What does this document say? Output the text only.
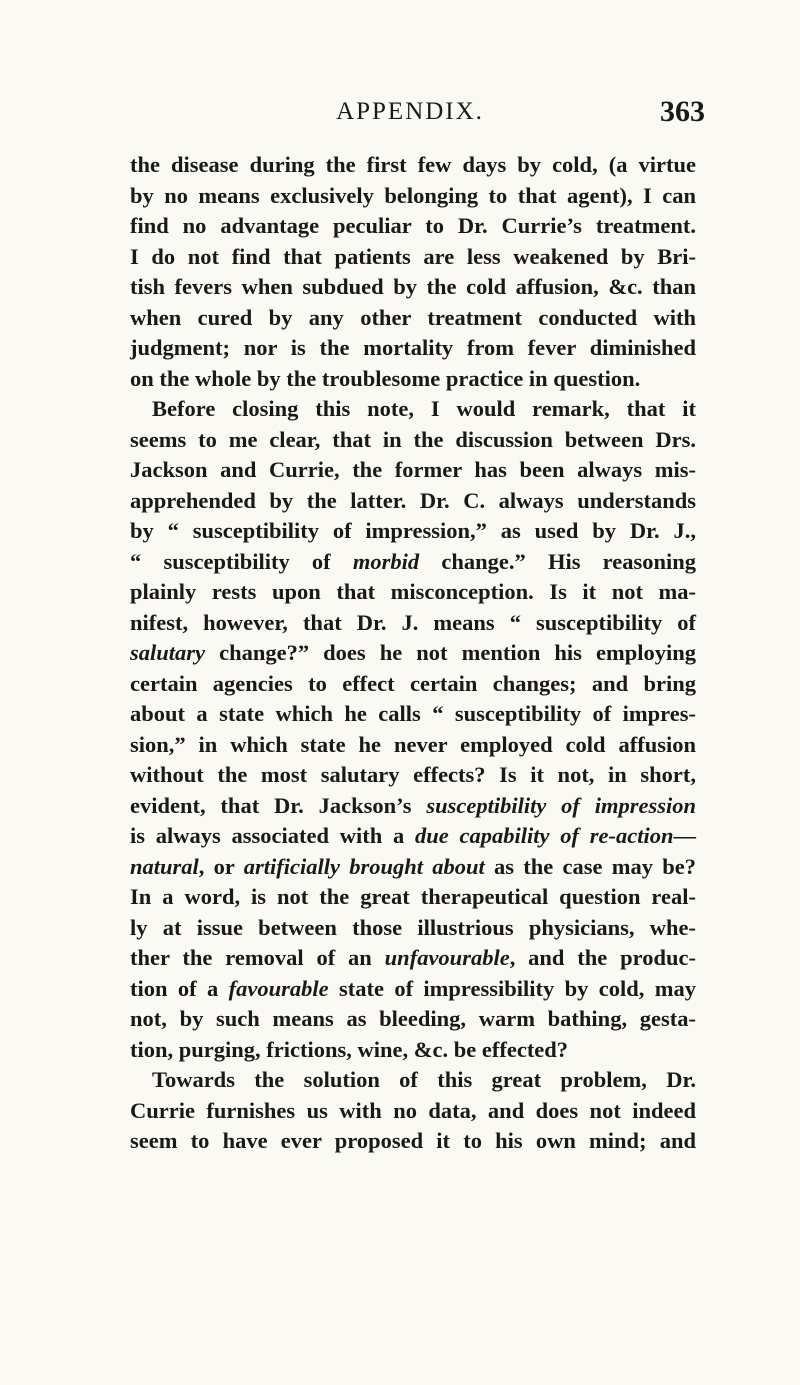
APPENDIX.	363
the disease during the first few days by cold, (a virtue
by no means exclusively belonging to that agent), I can
find no advantage peculiar to Dr. Currie’s treatment.
I do not find that patients are less weakened by Bri-
tish fevers when subdued by the cold affusion, &c. than
when cured by any other treatment conducted with
judgment; nor is the mortality from fever diminished
on the whole by the troublesome practice in question.
Before closing this note, I would remark, that it
seems to me clear, that in the discussion between Drs.
Jackson and Currie, the former has been always mis-
apprehended by the latter. Dr. C. always understands
by “ susceptibility of impression,” as used by Dr. J.,
“ susceptibility of morbid change.” His reasoning
plainly rests upon that misconception. Is it not ma-
nifest, however, that Dr. J. means “ susceptibility of
salutary change?” does he not mention his employing
certain agencies to effect certain changes; and bring
about a state which he calls “ susceptibility of impres-
sion,” in which state he never employed cold affusion
without the most salutary effects? Is it not, in short,
evident, that Dr. Jackson’s susceptibility of impression
is always associated with a due capability of re-action—
natural, or artificially brought about as the case may be?
In a word, is not the great therapeutical question real-
ly at issue between those illustrious physicians, whe-
ther the removal of an unfavourable, and the produc-
tion of a favourable state of impressibility by cold, may
not, by such means as bleeding, warm bathing, gesta-
tion, purging, frictions, wine, &c. be effected?
Towards the solution of this great problem, Dr.
Currie furnishes us with no data, and does not indeed
seem to have ever proposed it to his own mind; and
